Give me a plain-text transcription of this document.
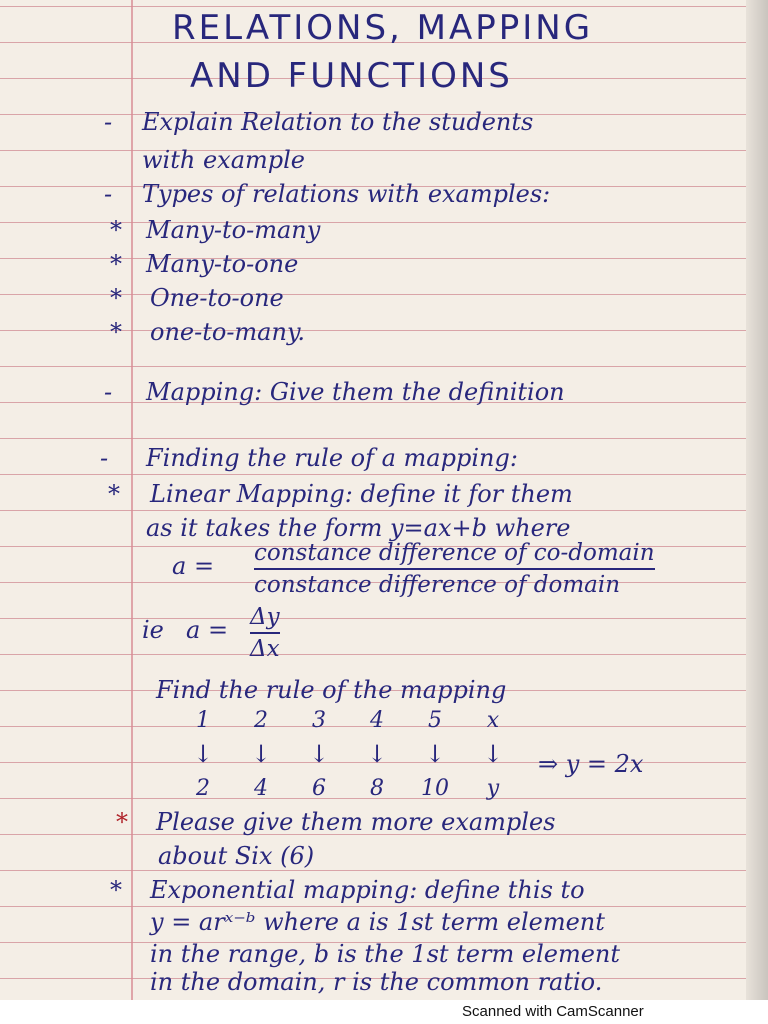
RELATIONS, MAPPING
AND FUNCTIONS
- Explain Relation to the students
with example
- Types of relations with examples:
* Many-to-many
* Many-to-one
* One-to-one
* one-to-many.
- Mapping: Give them the definition
- Finding the rule of a mapping:
* Linear Mapping: define it for them
as it takes the form y=ax+b where
a = constance difference of co-domain
constance difference of domain
ie $a = \frac{\Delta y}{\Delta x}$
Find the rule of the mapping
1	2	3	4	5	x
↓	↓	↓	↓	↓	↓	⇒ y = 2x
2	4	6	8	10	y
* Please give them more examples
about Six (6)
* Exponential mapping: define this to
y = arˣ⁻ᵇ where a is 1st term element
in the range, b is the 1st term element
in the domain, r is the common ratio.
Scanned with CamScanner
